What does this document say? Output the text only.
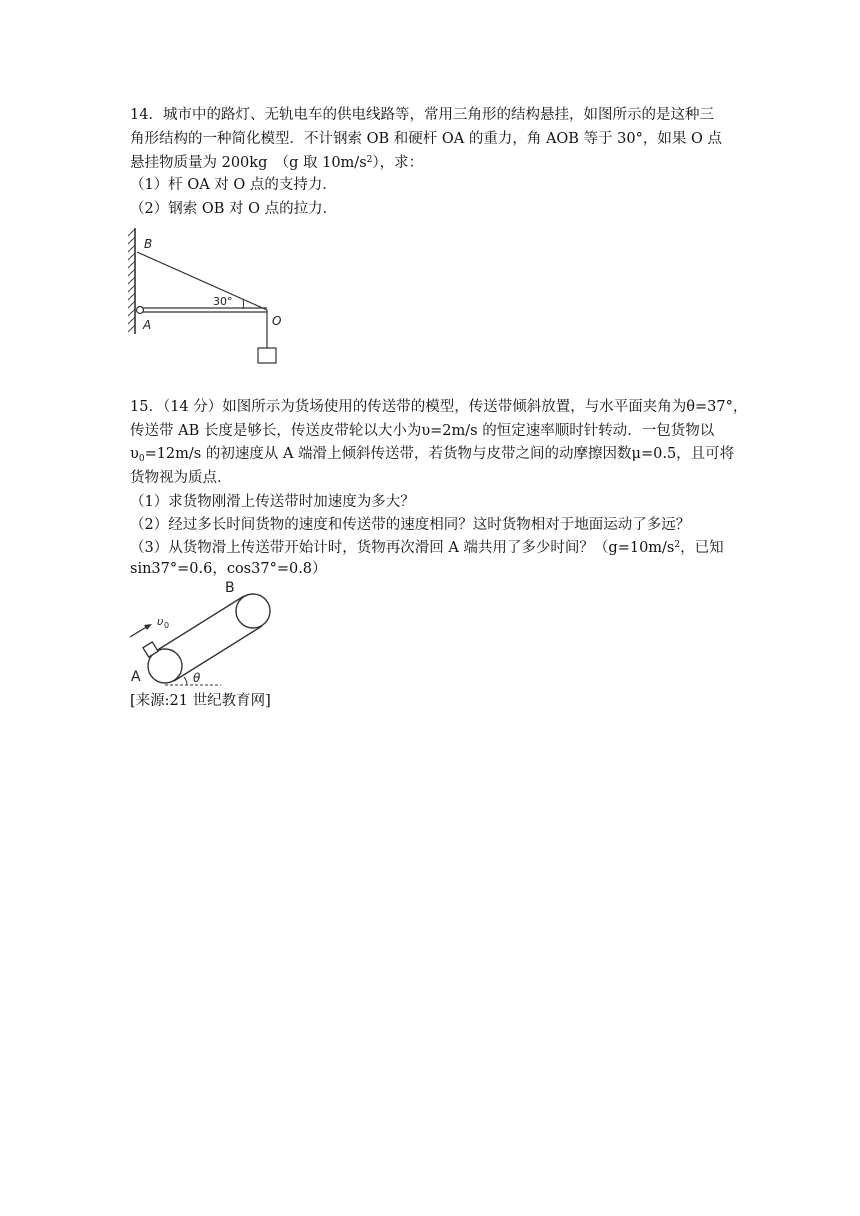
14．城市中的路灯、无轨电车的供电线路等，常用三角形的结构悬挂，如图所示的是这种三
角形结构的一种简化模型．不计钢索 OB 和硬杆 OA 的重力，角 AOB 等于 30°，如果 O 点
悬挂物质量为 200kg　（g 取 $10m/s^2$），求：
（1）杆 OA 对 O 点的支持力．
（2）钢索 OB 对 O 点的拉力．
B
A	O
30°
15．（14 分）如图所示为货场使用的传送带的模型，传送带倾斜放置，与水平面夹角为θ=37°，
传送带 AB 长度是够长，传送皮带轮以大小为υ=2m/s 的恒定速率顺时针转动．一包货物以
$\upsilon_0=12m/s$ 的初速度从 A 端滑上倾斜传送带，若货物与皮带之间的动摩擦因数μ=0.5，且可将
货物视为质点．
（1）求货物刚滑上传送带时加速度为多大？
（2）经过多长时间货物的速度和传送带的速度相同？这时货物相对于地面运动了多远？
（3）从货物滑上传送带开始计时，货物再次滑回 A 端共用了多少时间？（$g=10m/s^2$，已知
sin37°=0.6，cos37°=0.8）
B
A	θ
υ 0
[来源:21 世纪教育网]
